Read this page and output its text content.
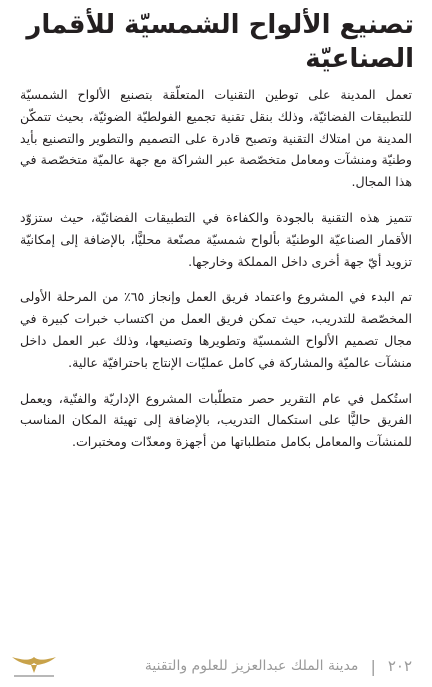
تصنيع الألواح الشمسيّة للأقمار الصناعيّة

تعمل المدينة على توطين التقنيات المتعلّقة بتصنيع الألواح الشمسيّة للتطبيقات الفضائيّة، وذلك بنقل تقنية تجميع الفولطيّة الضوئيّة، بحيث تتمكّن المدينة من امتلاك التقنية وتصبح قادرة على التصميم والتطوير والتصنيع بأيد وطنيّة ومنشآت ومعامل متخصّصة عبر الشراكة مع جهة عالميّة متخصّصة في هذا المجال.

تتميز هذه التقنية بالجودة والكفاءة في التطبيقات الفضائيّة، حيث ستزوّد الأقمار الصناعيّة الوطنيّة بألواح شمسيّة مصنّعة محليًّا، بالإضافة إلى إمكانيّة تزويد أيّ جهة أخرى داخل المملكة وخارجها.

تم البدء في المشروع واعتماد فريق العمل وإنجاز ٦٥٪ من المرحلة الأولى المخصّصة للتدريب، حيث تمكن فريق العمل من اكتساب خبرات كبيرة في مجال تصميم الألواح الشمسيّة وتطويرها وتصنيعها، وذلك عبر العمل داخل منشآت عالميّة والمشاركة في كامل عمليّات الإنتاج باحترافيّة عالية.

استُكمل في عام التقرير حصر متطلّبات المشروع الإداريّة والفنّية، ويعمل الفريق حاليًّا على استكمال التدريب، بالإضافة إلى تهيئة المكان المناسب للمنشآت والمعامل بكامل متطلباتها من أجهزة ومعدّات ومختبرات.

٢٠٢
|
مدينة الملك عبدالعزيز للعلوم والتقنية
